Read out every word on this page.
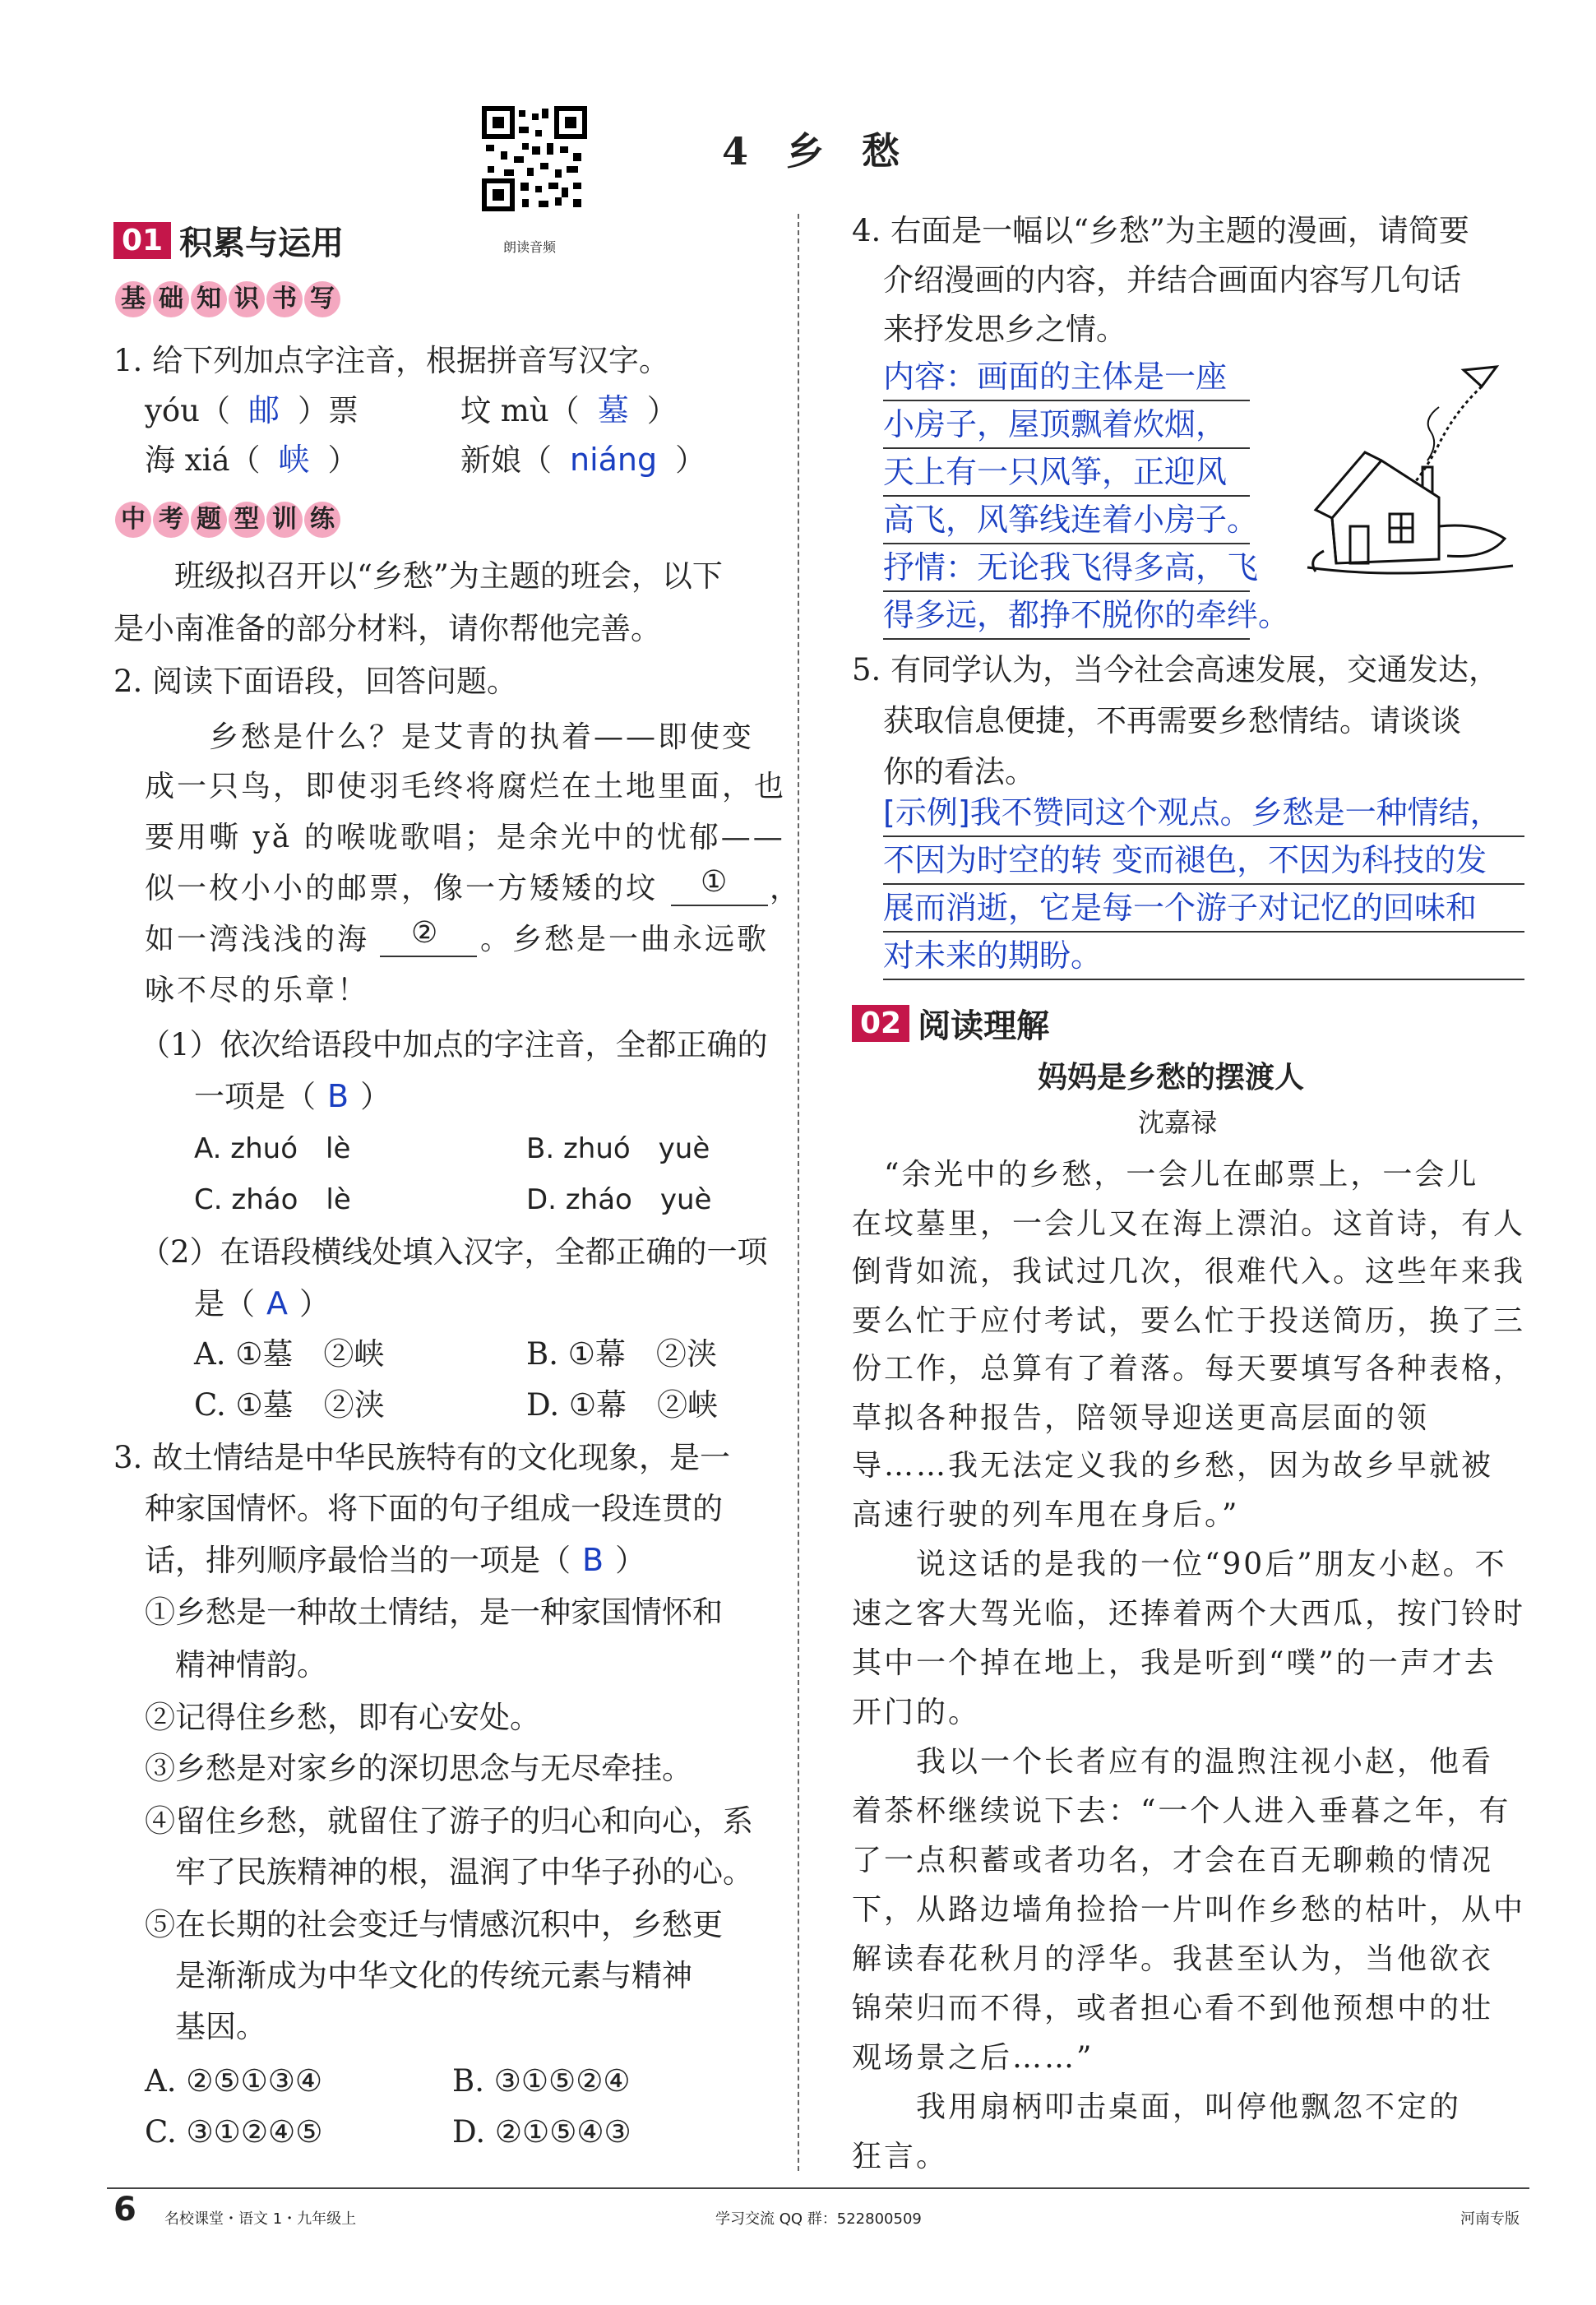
朗读音频
4　乡　愁
01 积累与运用
基 础 知 识 书 写
1. 给下列加点字注音，根据拼音写汉字。
yóu（ 邮 ）票	坟 mù（ 墓 ）
海 xiá（ 峡 ）	新娘（ niáng ）
中 考 题 型 训 练
　　班级拟召开以“乡愁”为主题的班会，以下
是小南准备的部分材料，请你帮他完善。
2. 阅读下面语段，回答问题。
　　乡愁是什么？是艾青的执着——即使变
成一只鸟，即使羽毛终将腐烂在土地里面，也
要用嘶 yǎ 的喉咙歌唱；是余光中的忧郁——
似一枚小小的邮票，像一方矮矮的坟 ① ，
如一湾浅浅的海 ② 。乡愁是一曲永远歌
咏不尽的乐章！
（1）依次给语段中加点的字注音，全都正确的
一项是（ B ）
A. zhuó　lè	B. zhuó　yuè
C. zháo　lè	D. zháo　yuè
（2）在语段横线处填入汉字，全都正确的一项
是（ A ）
A. ①墓　②峡	B. ①幕　②浃
C. ①墓　②浃	D. ①幕　②峡
3. 故土情结是中华民族特有的文化现象，是一
种家国情怀。将下面的句子组成一段连贯的
话，排列顺序最恰当的一项是（ B ）
①乡愁是一种故土情结，是一种家国情怀和
　精神情韵。
②记得住乡愁，即有心安处。
③乡愁是对家乡的深切思念与无尽牵挂。
④留住乡愁，就留住了游子的归心和向心，系
　牢了民族精神的根，温润了中华子孙的心。
⑤在长期的社会变迁与情感沉积中，乡愁更
　是渐渐成为中华文化的传统元素与精神
　基因。
A. ②⑤①③④	B. ③①⑤②④
C. ③①②④⑤	D. ②①⑤④③
4. 右面是一幅以“乡愁”为主题的漫画，请简要
介绍漫画的内容，并结合画面内容写几句话
来抒发思乡之情。
内容：画面的主体是一座
小房子，屋顶飘着炊烟，
天上有一只风筝，正迎风
高飞，风筝线连着小房子。
抒情：无论我飞得多高，飞
得多远，都挣不脱你的牵绊。
5. 有同学认为，当今社会高速发展，交通发达，
获取信息便捷，不再需要乡愁情结。请谈谈
你的看法。
[示例]我不赞同这个观点。乡愁是一种情结，
不因为时空的转 变而褪色，不因为科技的发
展而消逝，它是每一个游子对记忆的回味和
对未来的期盼。
02 阅读理解
妈妈是乡愁的摆渡人
沈嘉禄
　“余光中的乡愁，一会儿在邮票上，一会儿
在坟墓里，一会儿又在海上漂泊。这首诗，有人
倒背如流，我试过几次，很难代入。这些年来我
要么忙于应付考试，要么忙于投送简历，换了三
份工作，总算有了着落。每天要填写各种表格，
草拟各种报告，陪领导迎送更高层面的领
导……我无法定义我的乡愁，因为故乡早就被
高速行驶的列车甩在身后。”
　　说这话的是我的一位“90后”朋友小赵。不
速之客大驾光临，还捧着两个大西瓜，按门铃时
其中一个掉在地上，我是听到“噗”的一声才去
开门的。
　　我以一个长者应有的温煦注视小赵，他看
着茶杯继续说下去：“一个人进入垂暮之年，有
了一点积蓄或者功名，才会在百无聊赖的情况
下，从路边墙角捡拾一片叫作乡愁的枯叶，从中
解读春花秋月的浮华。我甚至认为，当他欲衣
锦荣归而不得，或者担心看不到他预想中的壮
观场景之后……”
　　我用扇柄叩击桌面，叫停他飘忽不定的
狂言。
6 名校课堂・语文 1・九年级上	学习交流 QQ 群：522800509	河南专版
